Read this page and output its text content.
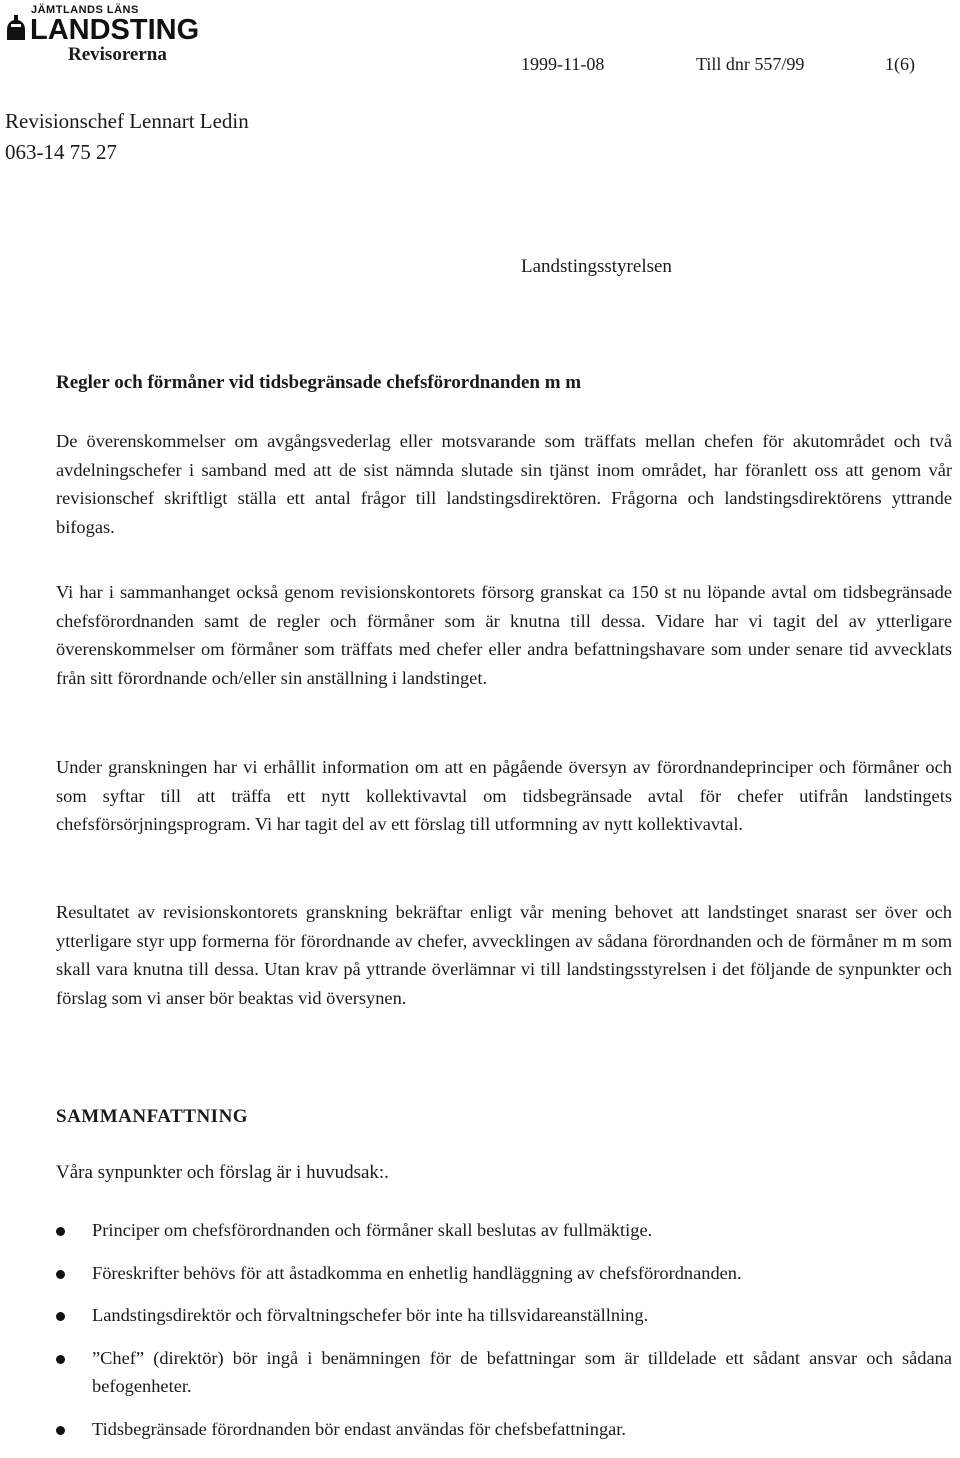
JÄMTLANDS LÄNS
LANDSTING
Revisorerna	1999-11-08	Till dnr 557/99	1(6)
Revisionschef Lennart Ledin
063-14 75 27
Landstingsstyrelsen
Regler och förmåner vid tidsbegränsade chefsförordnanden m m

De överenskommelser om avgångsvederlag eller motsvarande som träffats mellan chefen för akutområdet och två avdelningschefer i samband med att de sist nämnda slutade sin tjänst inom området, har föranlett oss att genom vår revisionschef skriftligt ställa ett antal frågor till landstingsdirektören. Frågorna och landstingsdirektörens yttrande bifogas.

Vi har i sammanhanget också genom revisionskontorets försorg granskat ca 150 st nu löpande avtal om tidsbegränsade chefsförordnanden samt de regler och förmåner som är knutna till dessa. Vidare har vi tagit del av ytterligare överenskommelser om förmåner som träffats med chefer eller andra befattningshavare som under senare tid avvecklats från sitt förordnande och/eller sin anställning i landstinget.

Under granskningen har vi erhållit information om att en pågående översyn av förordnandeprinciper och förmåner och som syftar till att träffa ett nytt kollektivavtal om tidsbegränsade avtal för chefer utifrån landstingets chefsförsörjningsprogram. Vi har tagit del av ett förslag till utformning av nytt kollektivavtal.

Resultatet av revisionskontorets granskning bekräftar enligt vår mening behovet att landstinget snarast ser över och ytterligare styr upp formerna för förordnande av chefer, avvecklingen av sådana förordnanden och de förmåner m m som skall vara knutna till dessa. Utan krav på yttrande överlämnar vi till landstingsstyrelsen i det följande de synpunkter och förslag som vi anser bör beaktas vid översynen.

SAMMANFATTNING
Våra synpunkter och förslag är i huvudsak:.
Principer om chefsförordnanden och förmåner skall beslutas av fullmäktige.
Föreskrifter behövs för att åstadkomma en enhetlig handläggning av chefsförordnanden.
Landstingsdirektör och förvaltningschefer bör inte ha tillsvidareanställning.
”Chef” (direktör) bör ingå i benämningen för de befattningar som är tilldelade ett sådant ansvar och sådana befogenheter.
Tidsbegränsade förordnanden bör endast användas för chefsbefattningar.
